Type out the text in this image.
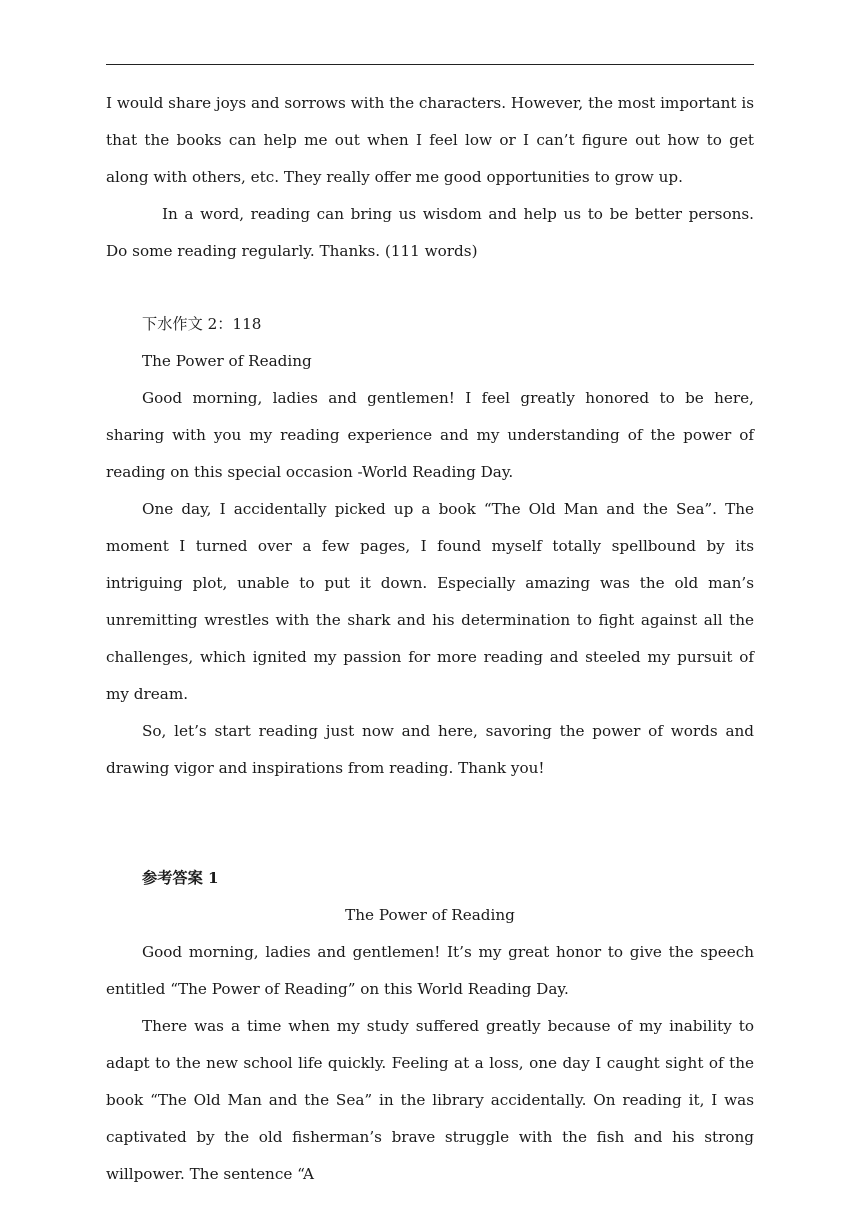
I would share joys and sorrows with the characters. However, the most important is that the books can help me out when I feel low or I can’t figure out how to get along with others, etc. They really offer me good opportunities to grow up.

In a word, reading can bring us wisdom and help us to be better persons. Do some reading regularly. Thanks. (111 words)

下水作文 2：118

The Power of Reading

Good morning, ladies and gentlemen! I feel greatly honored to be here, sharing with you my reading experience and my understanding of the power of reading on this special occasion -World Reading Day.

One day, I accidentally picked up a book “The Old Man and the Sea”. The moment I turned over a few pages, I found myself totally spellbound by its intriguing plot, unable to put it down. Especially amazing was the old man’s unremitting wrestles with the shark and his determination to fight against all the challenges, which ignited my passion for more reading and steeled my pursuit of my dream.

So, let’s start reading just now and here, savoring the power of words and drawing vigor and inspirations from reading. Thank you!

参考答案 1

The Power of Reading

Good morning, ladies and gentlemen! It’s my great honor to give the speech entitled “The Power of Reading” on this World Reading Day.

There was a time when my study suffered greatly because of my inability to adapt to the new school life quickly. Feeling at a loss, one day I caught sight of the book “The Old Man and the Sea” in the library accidentally. On reading it, I was captivated by the old fisherman’s brave struggle with the fish and his strong willpower. The sentence “A
